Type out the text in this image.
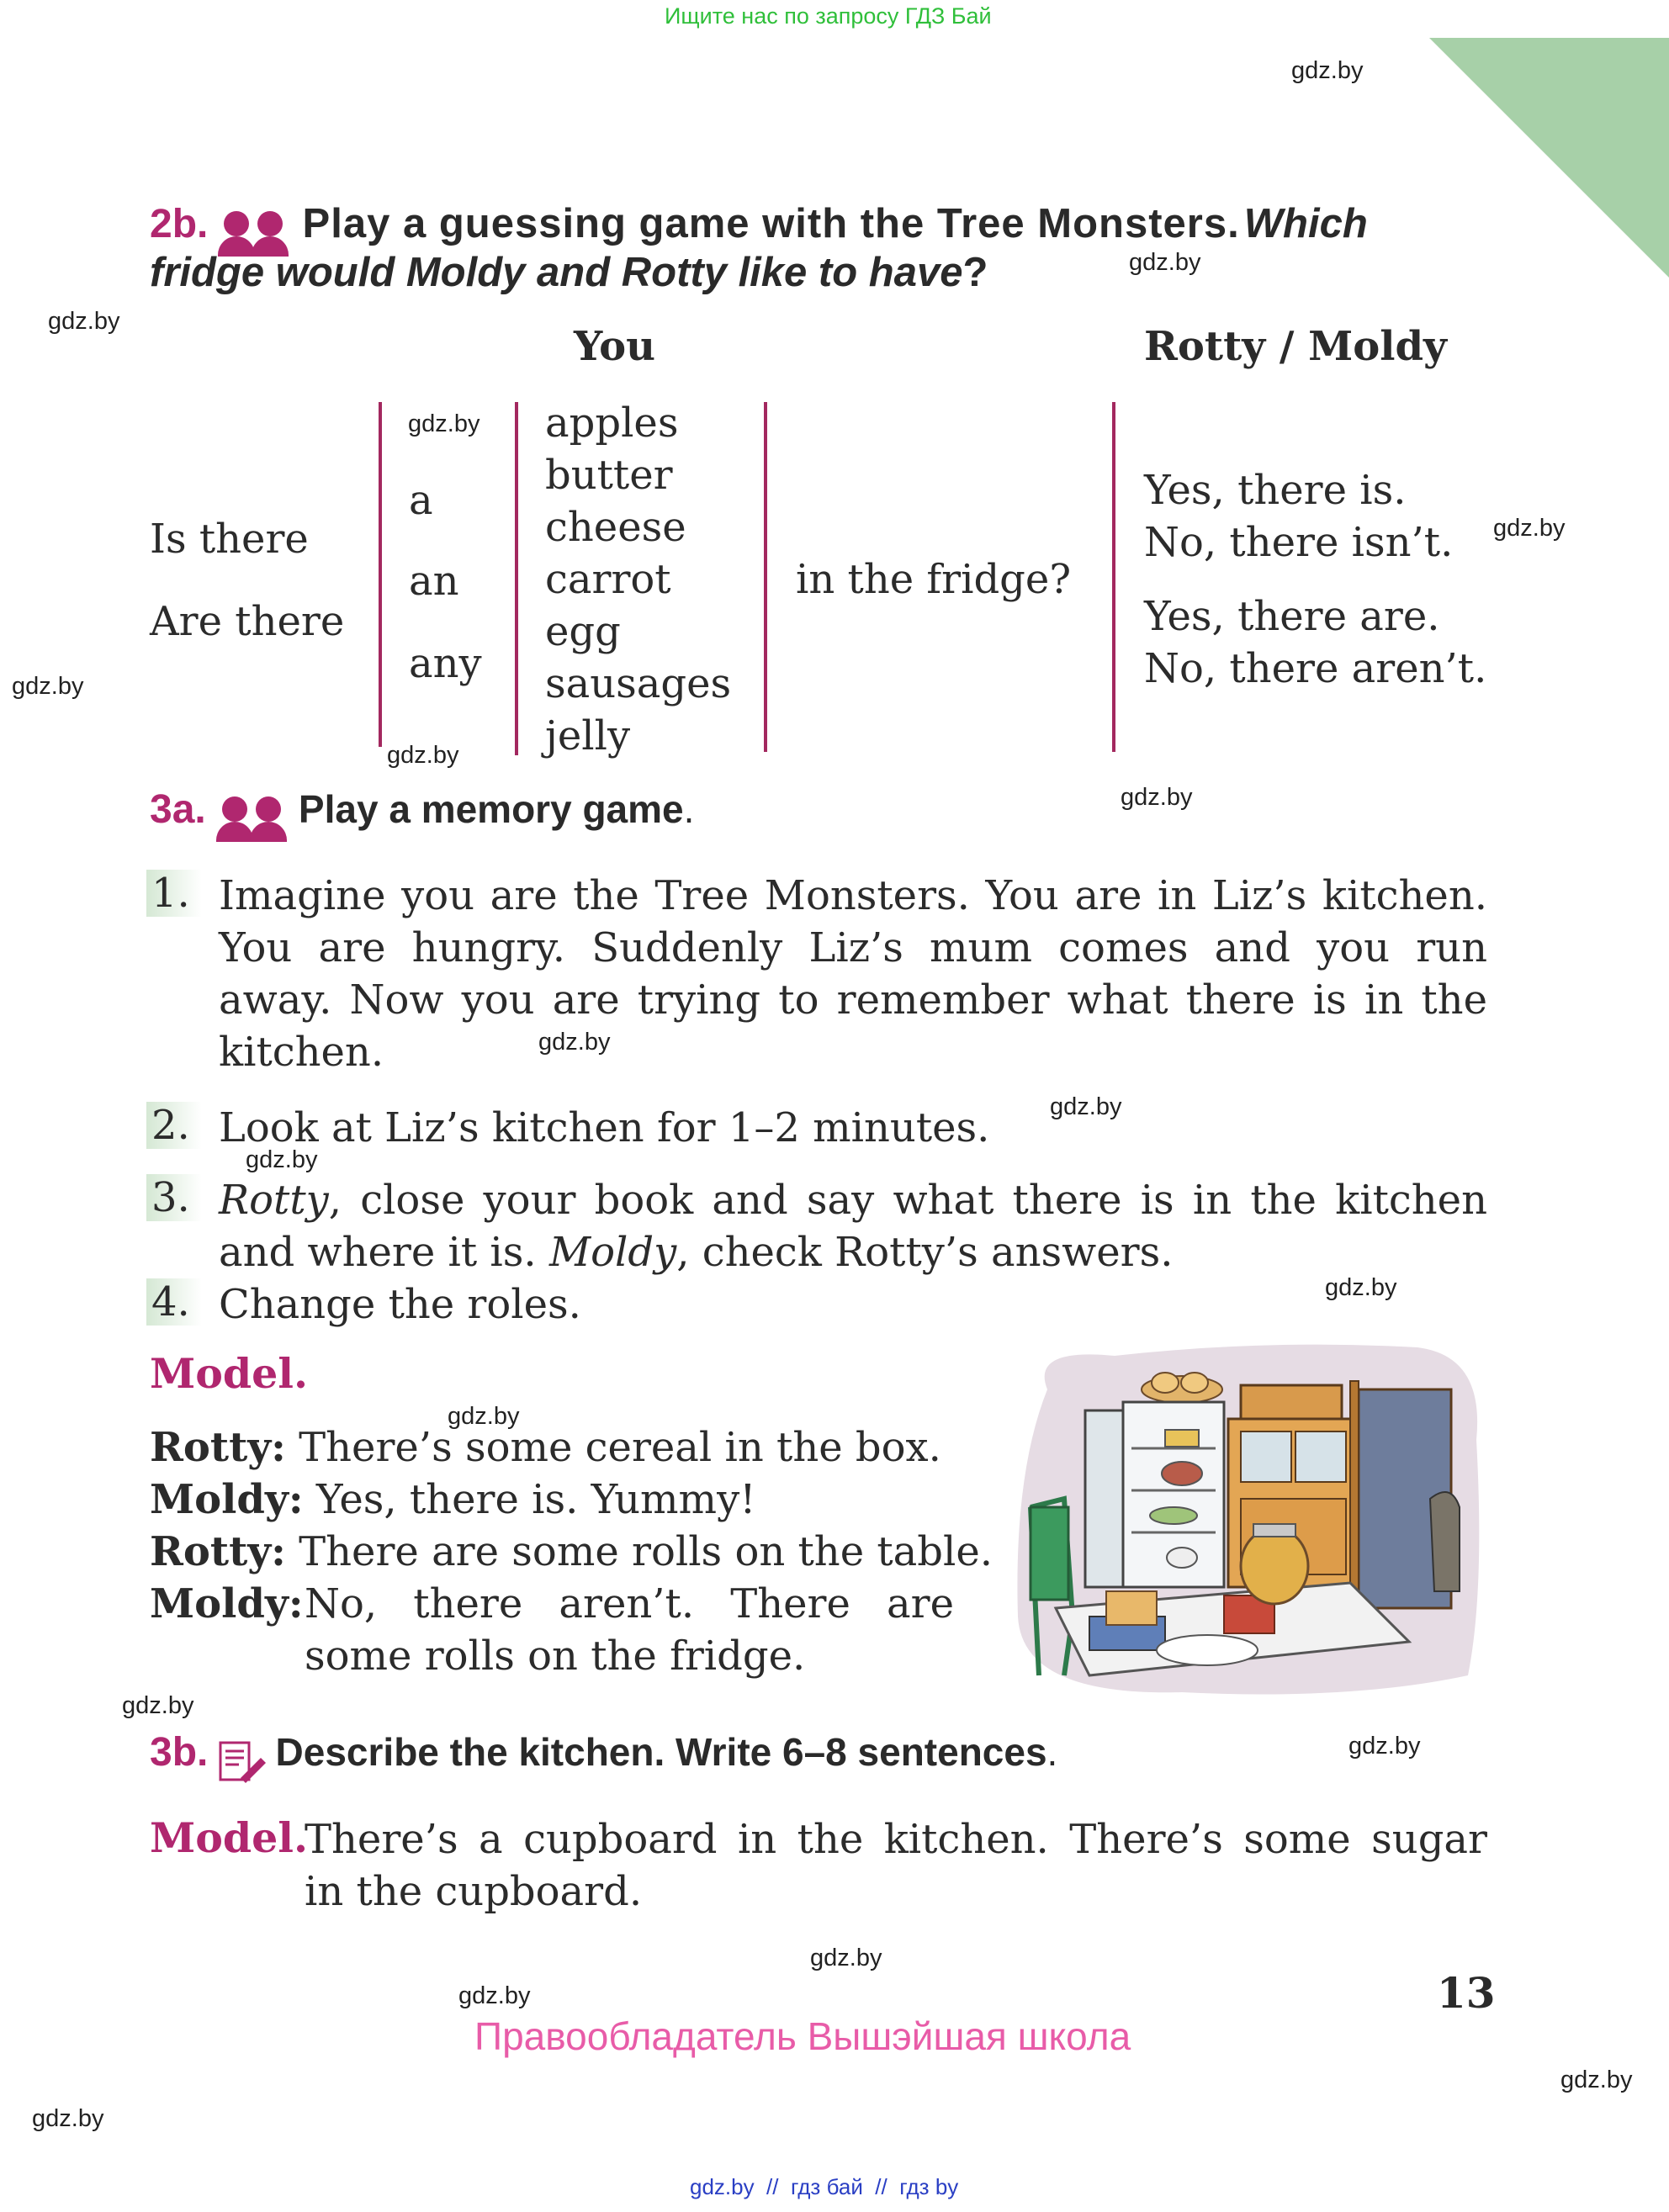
Ищите нас по запросу ГДЗ Бай
gdz.by
gdz.by
gdz.by
gdz.by
gdz.by
gdz.by
gdz.by
gdz.by
gdz.by
gdz.by
gdz.by
gdz.by
gdz.by
gdz.by
gdz.by
gdz.by
gdz.by
gdz.by
gdz.by
2b. Play a guessing game with the Tree Monsters. Which
fridge would Moldy and Rotty like to have?
You	Rotty / Moldy
Is there
Are there
a
an
any
apples
butter
cheese
carrot
egg
sausages
jelly
in the fridge?
Yes, there is.
No, there isn’t.
Yes, there are.
No, there aren’t.
3a. Play a memory game.
1. Imagine you are the Tree Monsters. You are in Liz’s kitchen. You are hungry. Suddenly Liz’s mum comes and you run away. Now you are trying to remember what there is in the kitchen.
2. Look at Liz’s kitchen for 1–2 minutes.
3. Rotty, close your book and say what there is in the kitchen and where it is. Moldy, check Rotty’s answers.
4. Change the roles.
Model.
Rotty: There’s some cereal in the box.
Moldy: Yes, there is. Yummy!
Rotty: There are some rolls on the table.
Moldy: No, there aren’t. There are
some rolls on the fridge.
3b. Describe the kitchen. Write 6–8 sentences.
Model.
There’s a cupboard in the kitchen. There’s some sugar
in the cupboard.
13
Правообладатель Вышэйшая школа
gdz.by  //  гдз бай  //  гдз by
